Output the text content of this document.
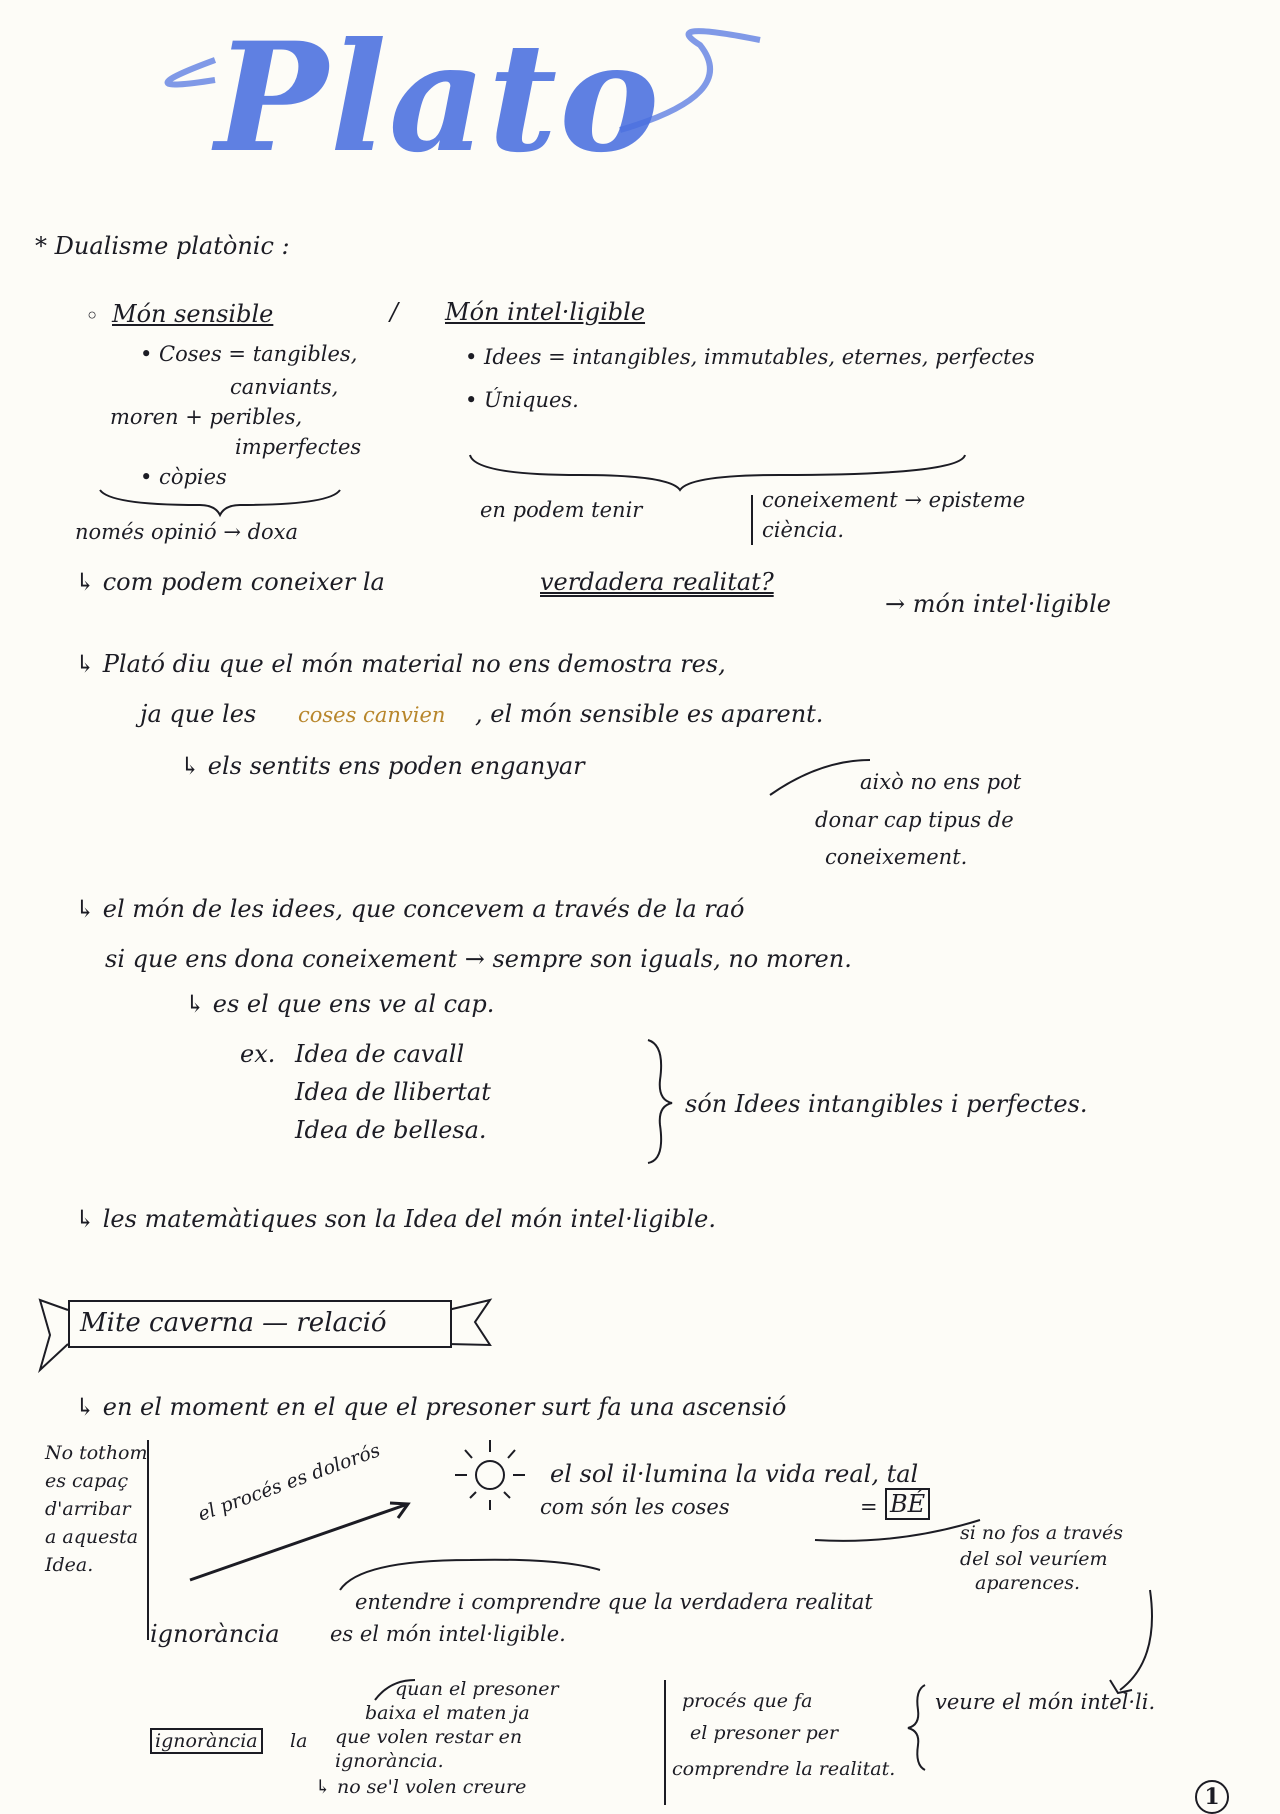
Plato
* Dualisme platònic :
◦ Món sensible	/
• Coses = tangibles,
canviants,
moren + peribles,
imperfectes
• còpies
només opinió → doxa
Món intel·ligible
• Idees = intangibles, immutables, eternes, perfectes
• Úniques.
en podem tenir	coneixement → episteme
ciència.
↳ com podem coneixer la	verdadera realitat?
→ món intel·ligible
↳ Plató diu que el món material no ens demostra res,
ja que les coses canvien , el món sensible es aparent.
↳ els sentits ens poden enganyar
això no ens pot
donar cap tipus de
coneixement.
↳ el món de les idees, que concevem a través de la raó
si que ens dona coneixement → sempre son iguals, no moren.
↳ es el que ens ve al cap.
ex. Idea de cavall
Idea de llibertat
Idea de bellesa.
són Idees intangibles i perfectes.
↳ les matemàtiques son la Idea del món intel·ligible.
Mite caverna — relació
↳ en el moment en el que el presoner surt fa una ascensió
No tothom
es capaç
d'arribar
a aquesta
Idea.
el sol il·lumina la vida real, tal
com són les coses	= BÉ
el procés es dolorós
si no fos a través
del sol veuríem
aparences.
entendre i comprendre que la verdadera realitat
ignorància es el món intel·ligible.
quan el presoner
baixa el maten ja
que volen restar en
ignorància.
↳ no se'l volen creure
ignorància la
procés que fa
el presoner per
comprendre la realitat.
veure el món intel·li.
1
